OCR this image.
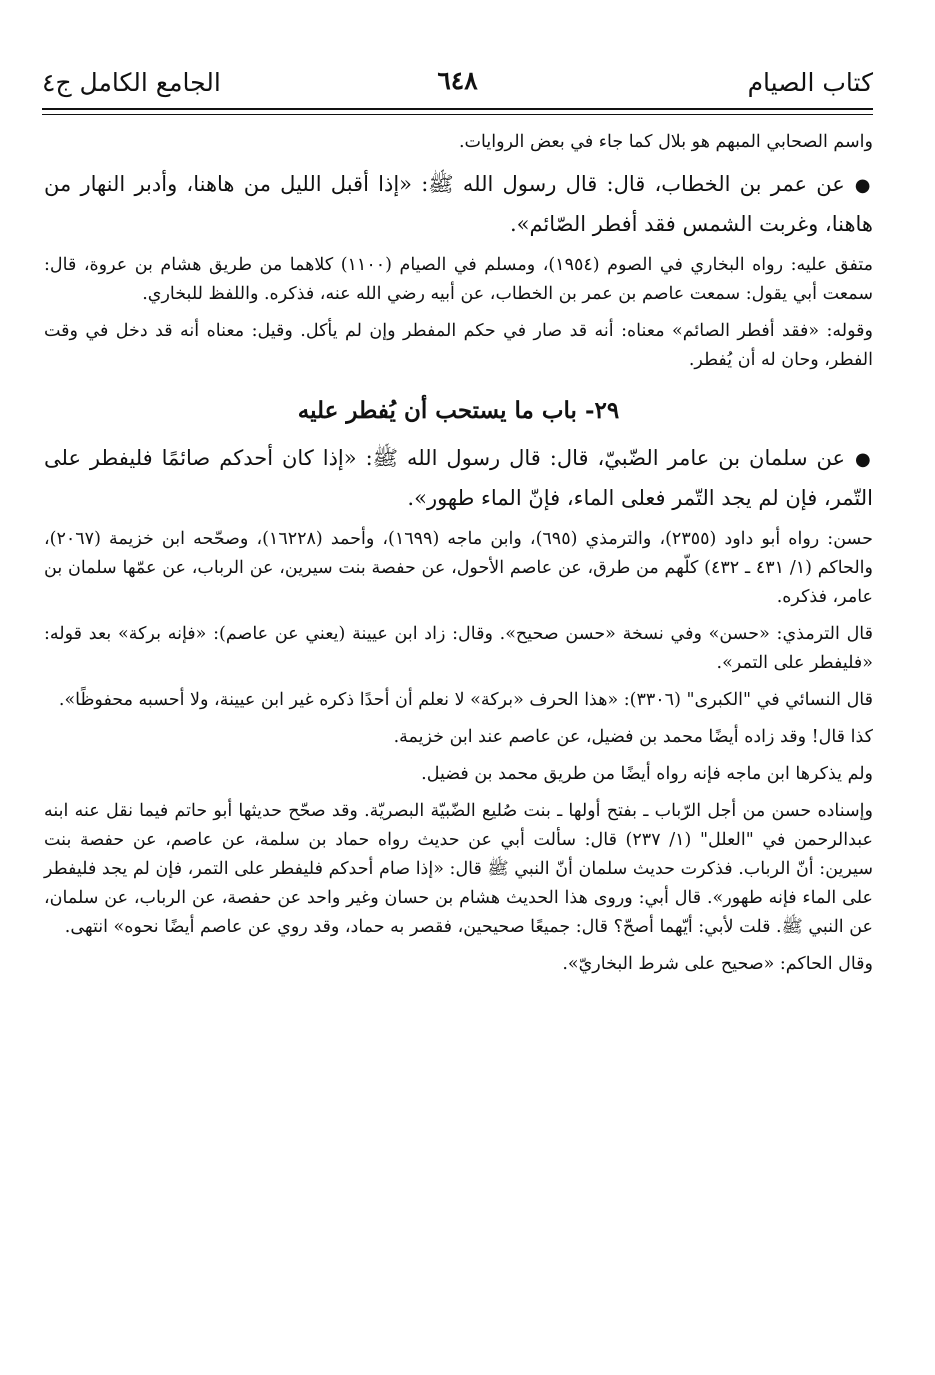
كتاب الصيام
٦٤٨
الجامع الكامل ج٤

واسم الصحابي المبهم هو بلال كما جاء في بعض الروايات.

●عن عمر بن الخطاب، قال: قال رسول الله ﷺ: «إذا أقبل الليل من هاهنا، وأدبر النهار من هاهنا، وغربت الشمس فقد أفطر الصّائم».

متفق عليه: رواه البخاري في الصوم (١٩٥٤)، ومسلم في الصيام (١١٠٠) كلاهما من طريق هشام بن عروة، قال: سمعت أبي يقول: سمعت عاصم بن عمر بن الخطاب، عن أبيه رضي الله عنه، فذكره. واللفظ للبخاري.

وقوله: «فقد أفطر الصائم» معناه: أنه قد صار في حكم المفطر وإن لم يأكل. وقيل: معناه أنه قد دخل في وقت الفطر، وحان له أن يُفطر.

٢٩- باب ما يستحب أن يُفطر عليه

●عن سلمان بن عامر الضّبيّ، قال: قال رسول الله ﷺ: «إذا كان أحدكم صائمًا فليفطر على التّمر، فإن لم يجد التّمر فعلى الماء، فإنّ الماء طهور».

حسن: رواه أبو داود (٢٣٥٥)، والترمذي (٦٩٥)، وابن ماجه (١٦٩٩)، وأحمد (١٦٢٢٨)، وصحّحه ابن خزيمة (٢٠٦٧)، والحاكم (١/ ٤٣١ ـ ٤٣٢) كلّهم من طرق، عن عاصم الأحول، عن حفصة بنت سيرين، عن الرباب، عن عمّها سلمان بن عامر، فذكره.

قال الترمذي: «حسن» وفي نسخة «حسن صحيح». وقال: زاد ابن عيينة (يعني عن عاصم): «فإنه بركة» بعد قوله: «فليفطر على التمر».

قال النسائي في "الكبرى" (٣٣٠٦): «هذا الحرف «بركة» لا نعلم أن أحدًا ذكره غير ابن عيينة، ولا أحسبه محفوظًا».

كذا قال! وقد زاده أيضًا محمد بن فضيل، عن عاصم عند ابن خزيمة.

ولم يذكرها ابن ماجه فإنه رواه أيضًا من طريق محمد بن فضيل.

وإسناده حسن من أجل الرّباب ـ بفتح أولها ـ بنت صُليع الضّبيّة البصريّة. وقد صحّح حديثها أبو حاتم فيما نقل عنه ابنه عبدالرحمن في "العلل" (١/ ٢٣٧) قال: سألت أبي عن حديث رواه حماد بن سلمة، عن عاصم، عن حفصة بنت سيرين: أنّ الرباب. فذكرت حديث سلمان أنّ النبي ﷺ قال: «إذا صام أحدكم فليفطر على التمر، فإن لم يجد فليفطر على الماء فإنه طهور». قال أبي: وروى هذا الحديث هشام بن حسان وغير واحد عن حفصة، عن الرباب، عن سلمان، عن النبي ﷺ. قلت لأبي: أيّهما أصحّ؟ قال: جميعًا صحيحين، فقصر به حماد، وقد روي عن عاصم أيضًا نحوه» انتهى.

وقال الحاكم: «صحيح على شرط البخاريّ».
